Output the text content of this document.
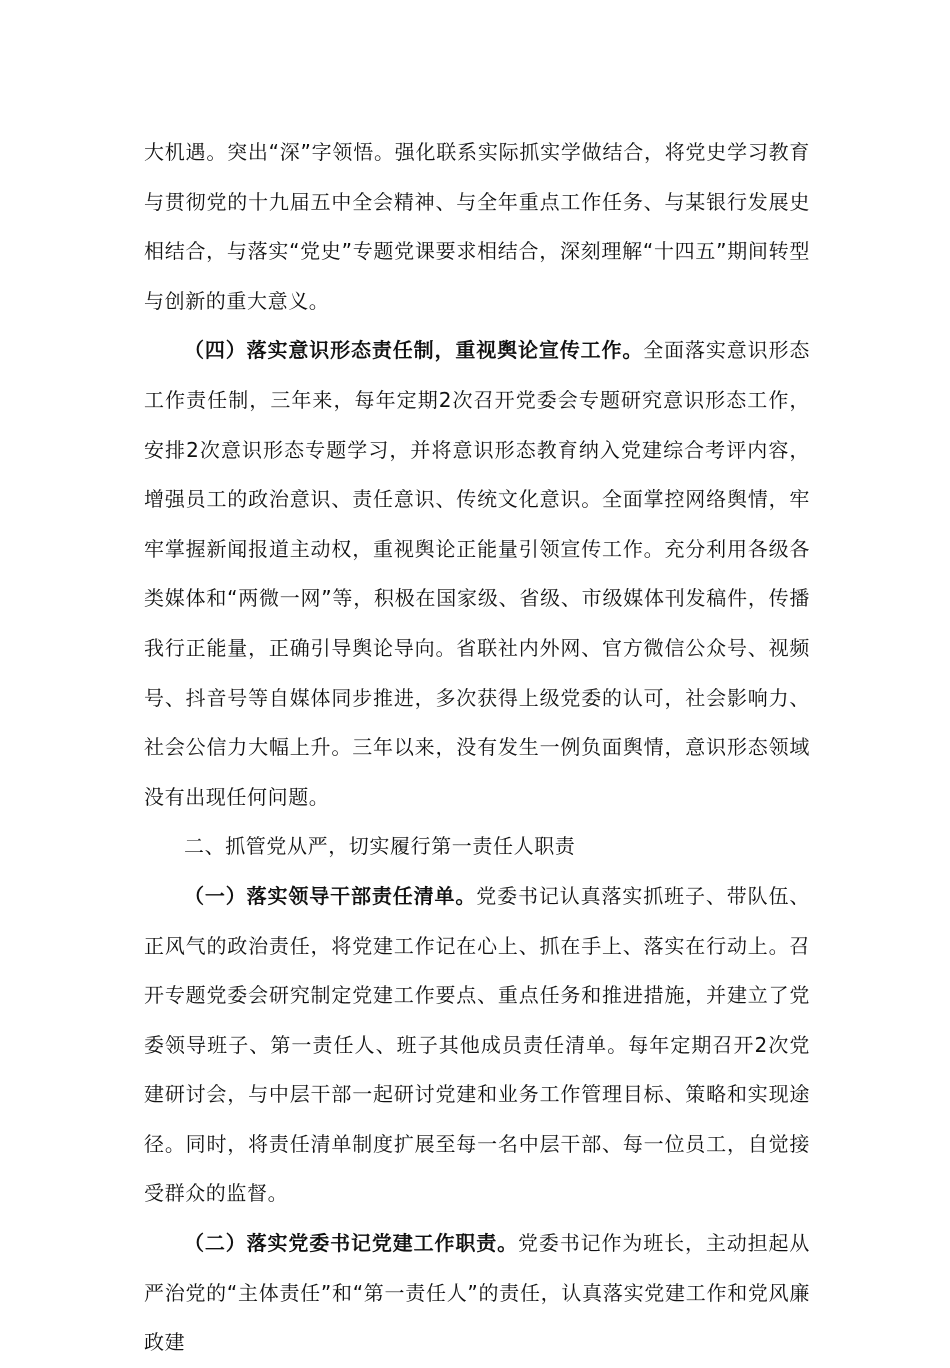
大机遇。突出“深”字领悟。强化联系实际抓实学做结合，将党史学习教育与贯彻党的十九届五中全会精神、与全年重点工作任务、与某银行发展史相结合，与落实“党史”专题党课要求相结合，深刻理解“十四五”期间转型与创新的重大意义。

（四）落实意识形态责任制，重视舆论宣传工作。全面落实意识形态工作责任制，三年来，每年定期2次召开党委会专题研究意识形态工作，安排2次意识形态专题学习，并将意识形态教育纳入党建综合考评内容，增强员工的政治意识、责任意识、传统文化意识。全面掌控网络舆情，牢牢掌握新闻报道主动权，重视舆论正能量引领宣传工作。充分利用各级各类媒体和“两微一网”等，积极在国家级、省级、市级媒体刊发稿件，传播我行正能量，正确引导舆论导向。省联社内外网、官方微信公众号、视频号、抖音号等自媒体同步推进，多次获得上级党委的认可，社会影响力、社会公信力大幅上升。三年以来，没有发生一例负面舆情，意识形态领域没有出现任何问题。

二、抓管党从严，切实履行第一责任人职责

（一）落实领导干部责任清单。党委书记认真落实抓班子、带队伍、正风气的政治责任，将党建工作记在心上、抓在手上、落实在行动上。召开专题党委会研究制定党建工作要点、重点任务和推进措施，并建立了党委领导班子、第一责任人、班子其他成员责任清单。每年定期召开2次党建研讨会，与中层干部一起研讨党建和业务工作管理目标、策略和实现途径。同时，将责任清单制度扩展至每一名中层干部、每一位员工，自觉接受群众的监督。

（二）落实党委书记党建工作职责。党委书记作为班长，主动担起从严治党的“主体责任”和“第一责任人”的责任，认真落实党建工作和党风廉政建
